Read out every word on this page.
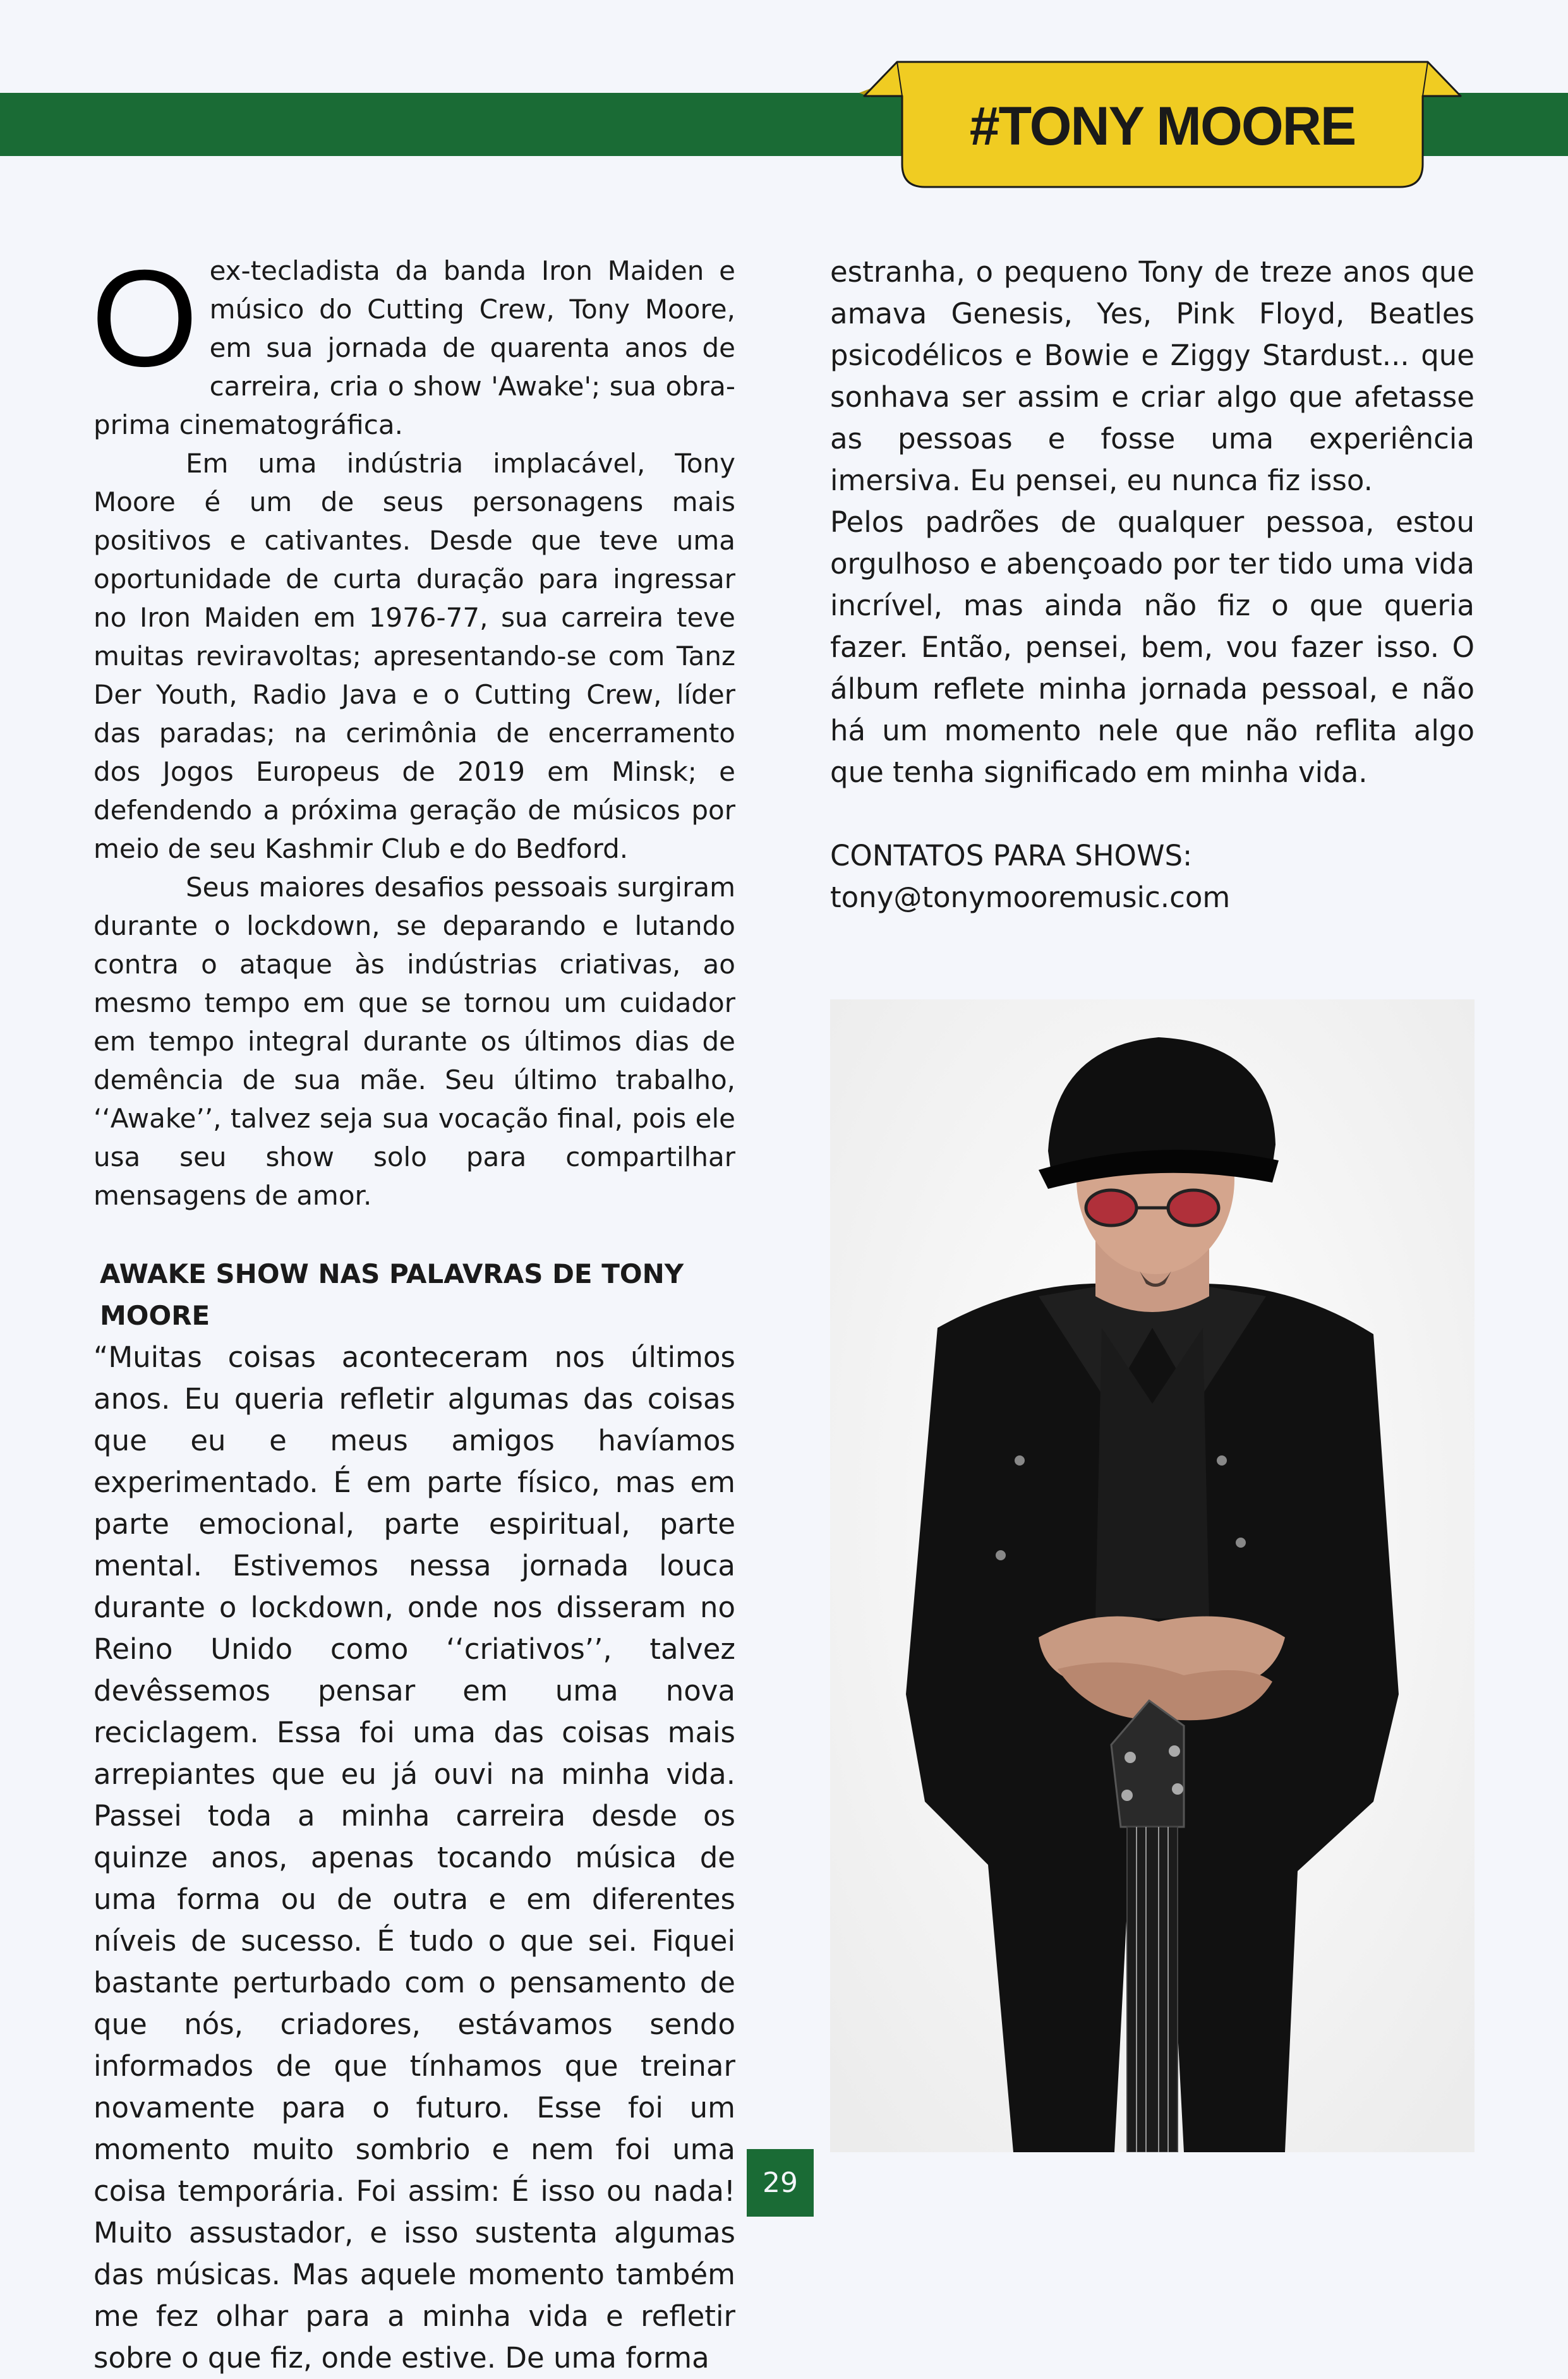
#TONY MOORE

Oex-tecladista da banda Iron Maiden e músico do Cutting Crew, Tony Moore, em sua jornada de quarenta anos de carreira, cria o show 'Awake'; sua obra-prima cinematográfica.

Em uma indústria implacável, Tony Moore é um de seus personagens mais positivos e cativantes. Desde que teve uma oportunidade de curta duração para ingressar no Iron Maiden em 1976-77, sua carreira teve muitas reviravoltas; apresentando-se com Tanz Der Youth, Radio Java e o Cutting Crew, líder das paradas; na cerimônia de encerramento dos Jogos Europeus de 2019 em Minsk; e defendendo a próxima geração de músicos por meio de seu Kashmir Club e do Bedford.

Seus maiores desafios pessoais surgiram durante o lockdown, se deparando e lutando contra o ataque às indústrias criativas, ao mesmo tempo em que se tornou um cuidador em tempo integral durante os últimos dias de demência de sua mãe. Seu último trabalho, ‘‘Awake’’, talvez seja sua vocação final, pois ele usa seu show solo para compartilhar mensagens de amor.

AWAKE SHOW NAS PALAVRAS DE TONY MOORE

“Muitas coisas aconteceram nos últimos anos. Eu queria refletir algumas das coisas que eu e meus amigos havíamos experimentado. É em parte físico, mas em parte emocional, parte espiritual, parte mental. Estivemos nessa jornada louca durante o lockdown, onde nos disseram no Reino Unido como ‘‘criativos’’, talvez devêssemos pensar em uma nova reciclagem. Essa foi uma das coisas mais arrepiantes que eu já ouvi na minha vida. Passei toda a minha carreira desde os quinze anos, apenas tocando música de uma forma ou de outra e em diferentes níveis de sucesso. É tudo o que sei. Fiquei bastante perturbado com o pensamento de que nós, criadores, estávamos sendo informados de que tínhamos que treinar novamente para o futuro. Esse foi um momento muito sombrio e nem foi uma coisa temporária. Foi assim: É isso ou nada! Muito assustador, e isso sustenta algumas das músicas. Mas aquele momento também me fez olhar para a minha vida e refletir sobre o que fiz, onde estive. De uma forma

estranha, o pequeno Tony de treze anos que amava Genesis, Yes, Pink Floyd, Beatles psicodélicos e Bowie e Ziggy Stardust... que sonhava ser assim e criar algo que afetasse as pessoas e fosse uma experiência imersiva. Eu pensei, eu nunca fiz isso.

Pelos padrões de qualquer pessoa, estou orgulhoso e abençoado por ter tido uma vida incrível, mas ainda não fiz o que queria fazer. Então, pensei, bem, vou fazer isso. O álbum reflete minha jornada pessoal, e não há um momento nele que não reflita algo que tenha significado em minha vida.

CONTATOS PARA SHOWS:

tony@tonymooremusic.com

29
